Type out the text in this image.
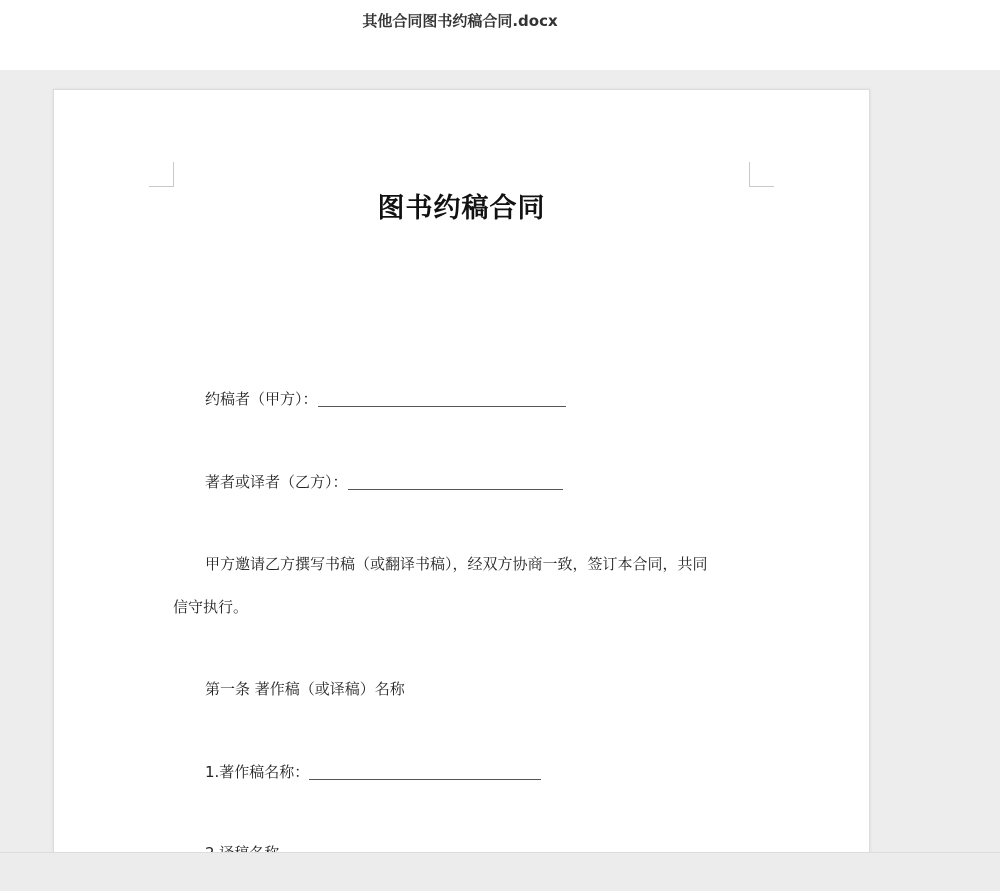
其他合同图书约稿合同.docx
图书约稿合同
约稿者（甲方）：
著者或译者（乙方）：
甲方邀请乙方撰写书稿（或翻译书稿），经双方协商一致，签订本合同，共同
信守执行。
第一条 著作稿（或译稿）名称
1.著作稿名称：
